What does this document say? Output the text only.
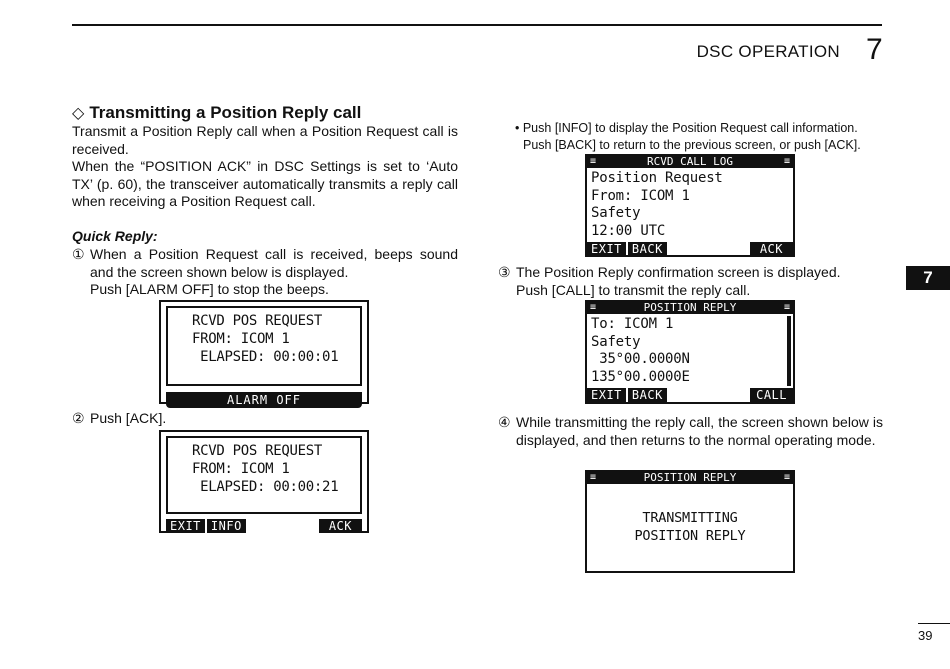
DSC OPERATION 7
7
◇ Transmitting a Position Reply call
Transmit a Position Reply call when a Position Request call is received.
When the “POSITION ACK” in DSC Settings is set to ‘Auto TX’ (p. 60), the transceiver automatically transmits a reply call when receiving a Position Request call.
Quick Reply:
① When a Position Request call is received, beeps sound and the screen shown below is displayed.
Push [ALARM OFF] to stop the beeps.
RCVD POS REQUEST
FROM: ICOM 1
ELAPSED: 00:00:01
ALARM OFF
② Push [ACK].
RCVD POS REQUEST
FROM: ICOM 1
ELAPSED: 00:00:21
EXIT INFO	ACK
• Push [INFO] to display the Position Request call information.
Push [BACK] to return to the previous screen, or push [ACK].
≡	RCVD CALL LOG	≡
Position Request
From: ICOM 1
Safety
12:00 UTC
EXIT BACK	ACK
③ The Position Reply confirmation screen is displayed.
Push [CALL] to transmit the reply call.
≡	POSITION REPLY	≡
To: ICOM 1
Safety
35°00.0000N
135°00.0000E
EXIT BACK	CALL
④ While transmitting the reply call, the screen shown below is displayed, and then returns to the normal operating mode.
≡	POSITION REPLY	≡
TRANSMITTING
POSITION REPLY
39
